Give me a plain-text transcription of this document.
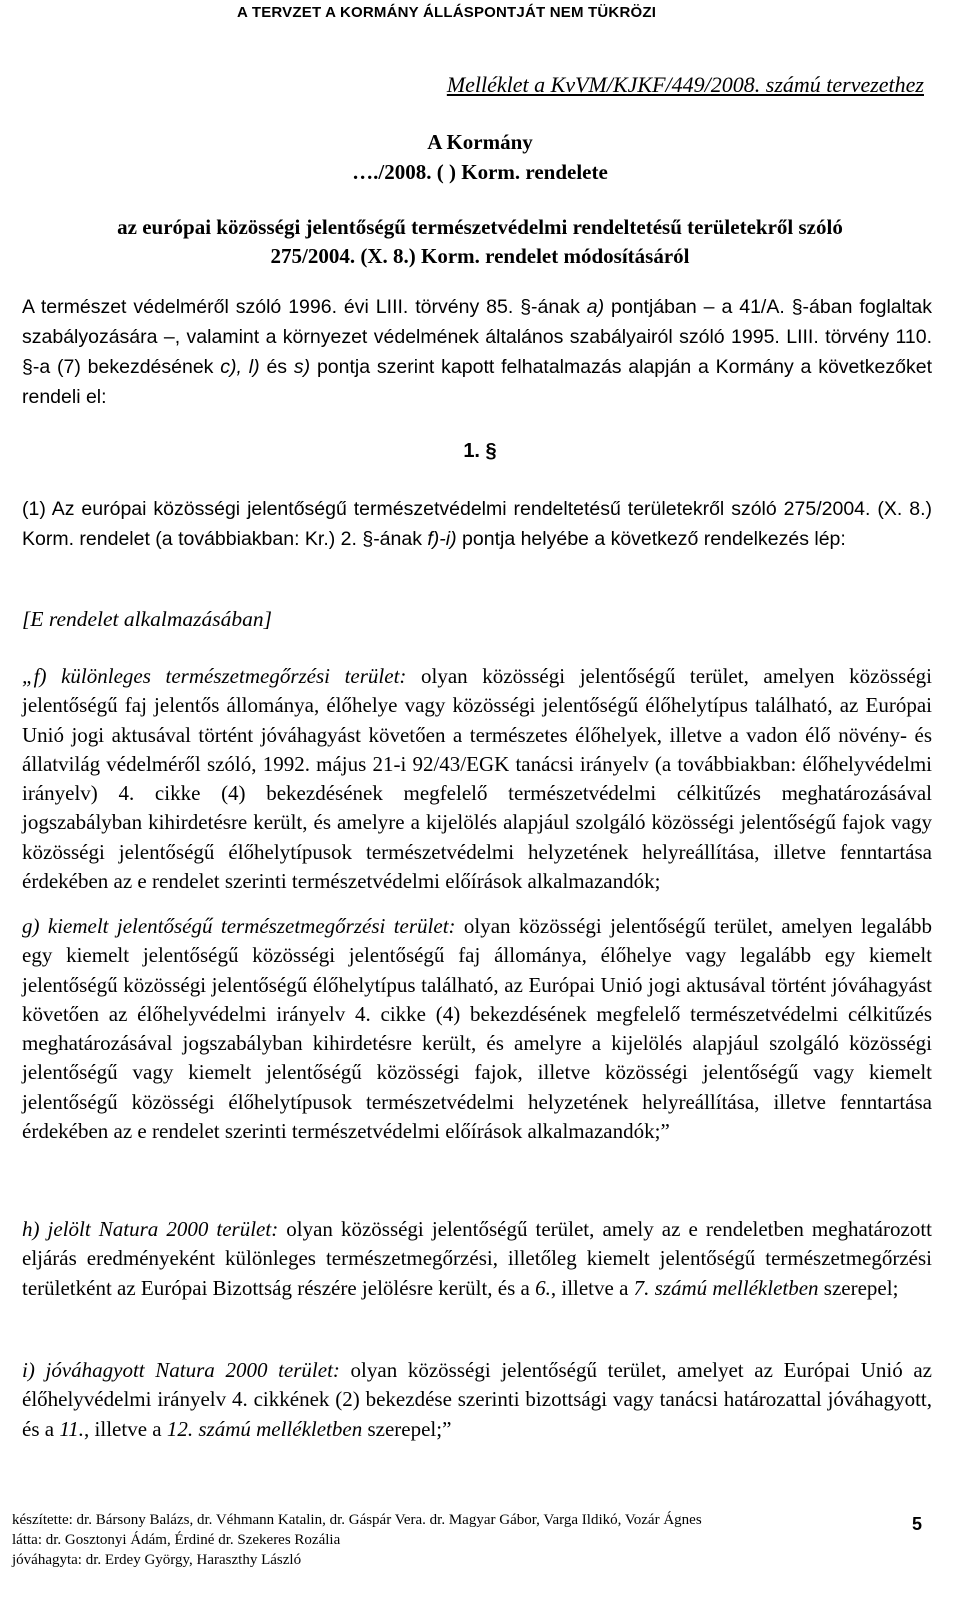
A TERVZET A KORMÁNY ÁLLÁSPONTJÁT NEM TÜKRÖZI
Melléklet a KvVM/KJKF/449/2008. számú tervezethez
A Kormány
…./2008. ( ) Korm. rendelete
az európai közösségi jelentőségű természetvédelmi rendeltetésű területekről szóló
275/2004. (X. 8.) Korm. rendelet módosításáról

A természet védelméről szóló 1996. évi LIII. törvény 85. §-ának a) pontjában – a 41/A. §-ában foglaltak szabályozására –, valamint a környezet védelmének általános szabályairól szóló 1995. LIII. törvény 110. §-a (7) bekezdésének c), l) és s) pontja szerint kapott felhatalmazás alapján a Kormány a következőket rendeli el:

1. §

(1) Az európai közösségi jelentőségű természetvédelmi rendeltetésű területekről szóló 275/2004. (X. 8.) Korm. rendelet (a továbbiakban: Kr.) 2. §-ának f)-i) pontja helyébe a következő rendelkezés lép:

[E rendelet alkalmazásában]

„f) különleges természetmegőrzési terület: olyan közösségi jelentőségű terület, amelyen közösségi jelentőségű faj jelentős állománya, élőhelye vagy közösségi jelentőségű élőhelytípus található, az Európai Unió jogi aktusával történt jóváhagyást követően a természetes élőhelyek, illetve a vadon élő növény- és állatvilág védelméről szóló, 1992. május 21-i 92/43/EGK tanácsi irányelv (a továbbiakban: élőhelyvédelmi irányelv) 4. cikke (4) bekezdésének megfelelő természetvédelmi célkitűzés meghatározásával jogszabályban kihirdetésre került, és amelyre a kijelölés alapjául szolgáló közösségi jelentőségű fajok vagy közösségi jelentőségű élőhelytípusok természetvédelmi helyzetének helyreállítása, illetve fenntartása érdekében az e rendelet szerinti természetvédelmi előírások alkalmazandók;

g) kiemelt jelentőségű természetmegőrzési terület: olyan közösségi jelentőségű terület, amelyen legalább egy kiemelt jelentőségű közösségi jelentőségű faj állománya, élőhelye vagy legalább egy kiemelt jelentőségű közösségi jelentőségű élőhelytípus található, az Európai Unió jogi aktusával történt jóváhagyást követően az élőhelyvédelmi irányelv 4. cikke (4) bekezdésének megfelelő természetvédelmi célkitűzés meghatározásával jogszabályban kihirdetésre került, és amelyre a kijelölés alapjául szolgáló közösségi jelentőségű vagy kiemelt jelentőségű közösségi fajok, illetve közösségi jelentőségű vagy kiemelt jelentőségű közösségi élőhelytípusok természetvédelmi helyzetének helyreállítása, illetve fenntartása érdekében az e rendelet szerinti természetvédelmi előírások alkalmazandók;”

h) jelölt Natura 2000 terület: olyan közösségi jelentőségű terület, amely az e rendeletben meghatározott eljárás eredményeként különleges természetmegőrzési, illetőleg kiemelt jelentőségű természetmegőrzési területként az Európai Bizottság részére jelölésre került, és a 6., illetve a 7. számú mellékletben szerepel;

i) jóváhagyott Natura 2000 terület: olyan közösségi jelentőségű terület, amelyet az Európai Unió az élőhelyvédelmi irányelv 4. cikkének (2) bekezdése szerinti bizottsági vagy tanácsi határozattal jóváhagyott, és a 11., illetve a 12. számú mellékletben szerepel;”

készítette: dr. Bársony Balázs, dr. Véhmann Katalin, dr. Gáspár Vera. dr. Magyar Gábor, Varga Ildikó, Vozár Ágnes
látta: dr. Gosztonyi Ádám, Érdiné dr. Szekeres Rozália
jóváhagyta: dr. Erdey György, Haraszthy László
5
